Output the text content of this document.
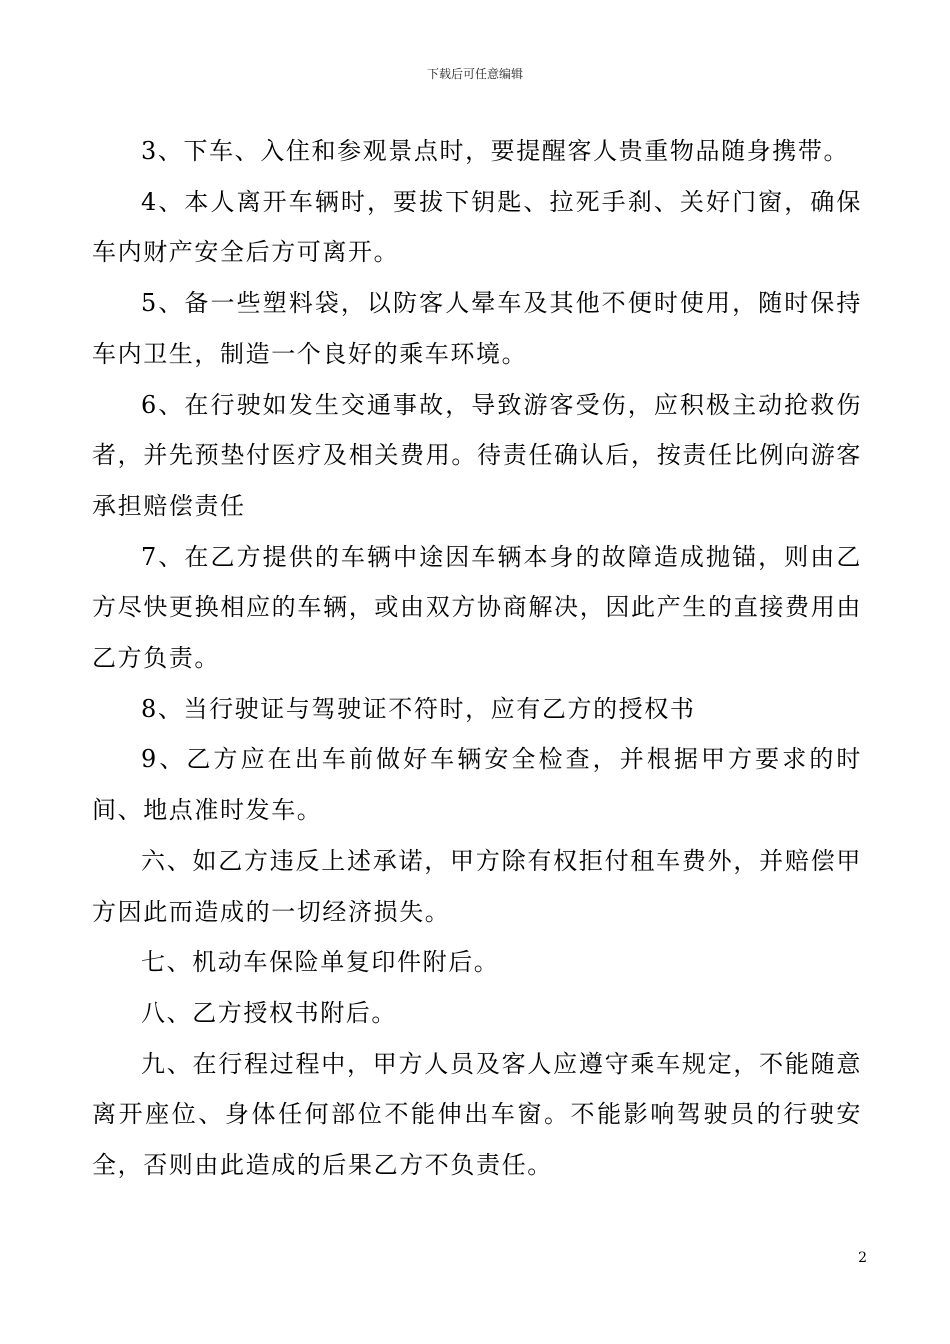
下载后可任意编辑

3、下车、入住和参观景点时，要提醒客人贵重物品随身携带。

4、本人离开车辆时，要拔下钥匙、拉死手刹、关好门窗，确保车内财产安全后方可离开。

5、备一些塑料袋，以防客人晕车及其他不便时使用，随时保持车内卫生，制造一个良好的乘车环境。

6、在行驶如发生交通事故，导致游客受伤，应积极主动抢救伤者，并先预垫付医疗及相关费用。待责任确认后，按责任比例向游客承担赔偿责任

7、在乙方提供的车辆中途因车辆本身的故障造成抛锚，则由乙方尽快更换相应的车辆，或由双方协商解决，因此产生的直接费用由乙方负责。

8、当行驶证与驾驶证不符时，应有乙方的授权书

9、乙方应在出车前做好车辆安全检查，并根据甲方要求的时间、地点准时发车。

六、如乙方违反上述承诺，甲方除有权拒付租车费外，并赔偿甲方因此而造成的一切经济损失。

七、机动车保险单复印件附后。

八、乙方授权书附后。

九、在行程过程中，甲方人员及客人应遵守乘车规定，不能随意离开座位、身体任何部位不能伸出车窗。不能影响驾驶员的行驶安全，否则由此造成的后果乙方不负责任。

2
